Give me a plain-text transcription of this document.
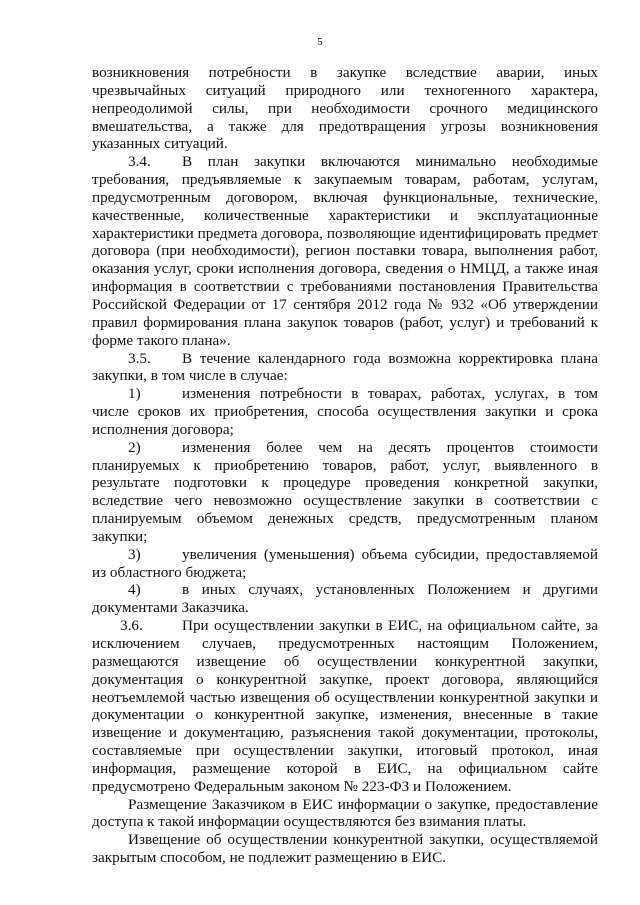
5

возникновения потребности в закупке вследствие аварии, иных чрезвычайных ситуаций природного или техногенного характера, непреодолимой силы, при необходимости срочного медицинского вмешательства, а также для предотвращения угрозы возникновения указанных ситуаций.

3.4. В план закупки включаются минимально необходимые требования, предъявляемые к закупаемым товарам, работам, услугам, предусмотренным договором, включая функциональные, технические, качественные, количественные характеристики и эксплуатационные характеристики предмета договора, позволяющие идентифицировать предмет договора (при необходимости), регион поставки товара, выполнения работ, оказания услуг, сроки исполнения договора, сведения о НМЦД, а также иная информация в соответствии с требованиями постановления Правительства Российской Федерации от 17 сентября 2012 года № 932 «Об утверждении правил формирования плана закупок товаров (работ, услуг) и требований к форме такого плана».

3.5. В течение календарного года возможна корректировка плана закупки, в том числе в случае:

1)	изменения потребности в товарах, работах, услугах, в том числе сроков их приобретения, способа осуществления закупки и срока исполнения договора;

2)	изменения более чем на десять процентов стоимости планируемых к приобретению товаров, работ, услуг, выявленного в результате подготовки к процедуре проведения конкретной закупки, вследствие чего невозможно осуществление закупки в соответствии с планируемым объемом денежных средств, предусмотренным планом закупки;

3)	увеличения (уменьшения) объема субсидии, предоставляемой из областного бюджета;

4)	в иных случаях, установленных Положением и другими документами Заказчика.

3.6.	При осуществлении закупки в ЕИС, на официальном сайте, за исключением случаев, предусмотренных настоящим Положением, размещаются извещение об осуществлении конкурентной закупки, документация о конкурентной закупке, проект договора, являющийся неотъемлемой частью извещения об осуществлении конкурентной закупки и документации о конкурентной закупке, изменения, внесенные в такие извещение и документацию, разъяснения такой документации, протоколы, составляемые при осуществлении закупки, итоговый протокол, иная информация, размещение которой в ЕИС, на официальном сайте предусмотрено Федеральным законом № 223-ФЗ и Положением.

Размещение Заказчиком в ЕИС информации о закупке, предоставление доступа к такой информации осуществляются без взимания платы.

Извещение об осуществлении конкурентной закупки, осуществляемой закрытым способом, не подлежит размещению в ЕИС.
